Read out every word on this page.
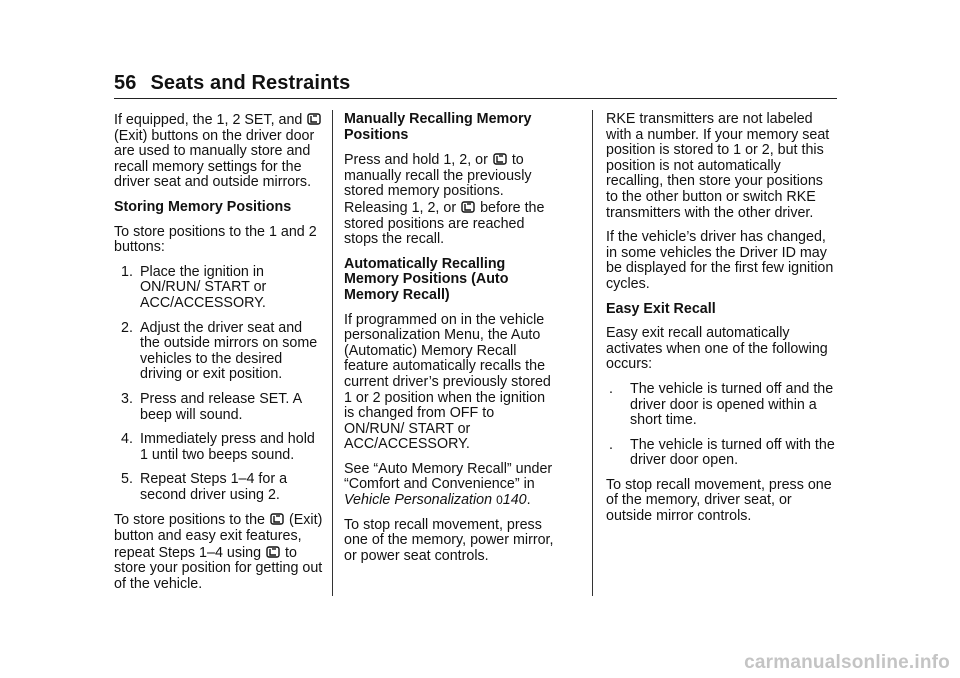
56 Seats and Restraints

If equipped, the 1, 2 SET, and
(Exit) buttons on the driver door are used to manually store and recall memory settings for the driver seat and outside mirrors.

Storing Memory Positions

To store positions to the 1 and 2 buttons:

1. Place the ignition in ON/RUN/ START or ACC/ACCESSORY.
2. Adjust the driver seat and the outside mirrors on some vehicles to the desired driving or exit position.
3. Press and release SET. A beep will sound.
4. Immediately press and hold 1 until two beeps sound.
5. Repeat Steps 1–4 for a second driver using 2.

To store positions to the (Exit) button and easy exit features, repeat Steps 1–4 using to store your position for getting out of the vehicle.

Manually Recalling Memory Positions

Press and hold 1, 2, or to manually recall the previously stored memory positions. Releasing 1, 2, or before the stored positions are reached stops the recall.

Automatically Recalling Memory Positions (Auto Memory Recall)

If programmed on in the vehicle personalization Menu, the Auto (Automatic) Memory Recall feature automatically recalls the current driver’s previously stored 1 or 2 position when the ignition is changed from OFF to ON/RUN/ START or ACC/ACCESSORY.

See “Auto Memory Recall” under “Comfort and Convenience” in Vehicle Personalization 0140.

To stop recall movement, press one of the memory, power mirror, or power seat controls.

RKE transmitters are not labeled with a number. If your memory seat position is stored to 1 or 2, but this position is not automatically recalling, then store your positions to the other button or switch RKE transmitters with the other driver.

If the vehicle’s driver has changed, in some vehicles the Driver ID may be displayed for the first few ignition cycles.

Easy Exit Recall

Easy exit recall automatically activates when one of the following occurs:

. The vehicle is turned off and the driver door is opened within a short time.
. The vehicle is turned off with the driver door open.

To stop recall movement, press one of the memory, driver seat, or outside mirror controls.

carmanualsonline.info
